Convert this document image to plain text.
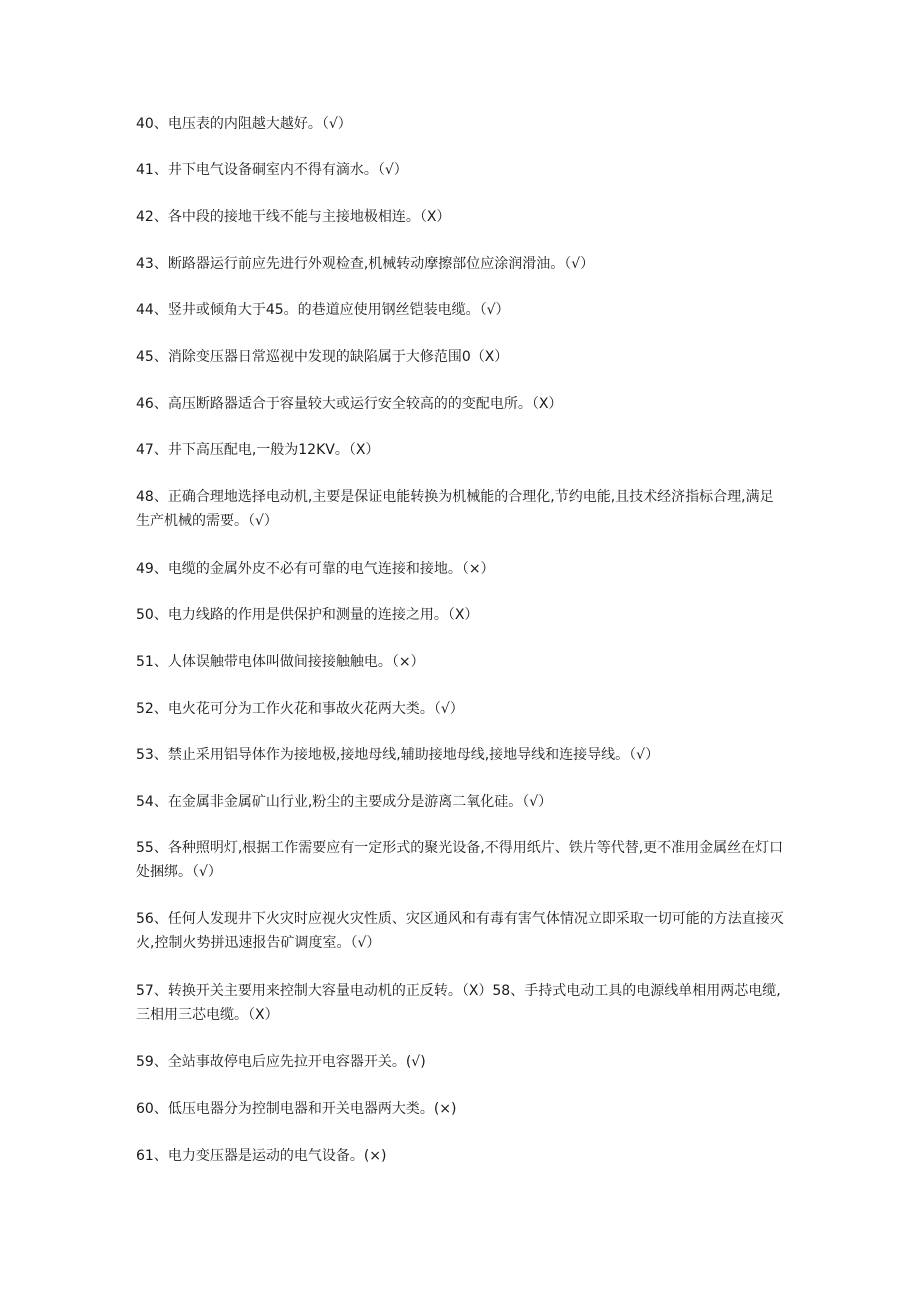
40、电压表的内阻越大越好。（√）

41、井下电气设备硐室内不得有滴水。（√）

42、各中段的接地干线不能与主接地极相连。（X）

43、断路器运行前应先进行外观检查,机械转动摩擦部位应涂润滑油。（√）

44、竖井或倾角大于45。的巷道应使用钢丝铠装电缆。（√）

45、消除变压器日常巡视中发现的缺陷属于大修范围0（X）

46、高压断路器适合于容量较大或运行安全较高的的变配电所。（X）

47、井下高压配电,一般为12KV。（X）

48、正确合理地选择电动机,主要是保证电能转换为机械能的合理化,节约电能,且技术经济指标合理,满足生产机械的需要。（√）

49、电缆的金属外皮不必有可靠的电气连接和接地。（×）

50、电力线路的作用是供保护和测量的连接之用。（X）

51、人体误触带电体叫做间接接触触电。（×）

52、电火花可分为工作火花和事故火花两大类。（√）

53、禁止采用铝导体作为接地极,接地母线,辅助接地母线,接地导线和连接导线。（√）

54、在金属非金属矿山行业,粉尘的主要成分是游离二氧化硅。（√）

55、各种照明灯,根据工作需要应有一定形式的聚光设备,不得用纸片、铁片等代替,更不准用金属丝在灯口处捆绑。（√）

56、任何人发现井下火灾时应视火灾性质、灾区通风和有毒有害气体情况立即采取一切可能的方法直接灭火,控制火势拼迅速报告矿调度室。（√）

57、转换开关主要用来控制大容量电动机的正反转。（X）58、手持式电动工具的电源线单相用两芯电缆,三相用三芯电缆。（X）

59、全站事故停电后应先拉开电容器开关。(√)

60、低压电器分为控制电器和开关电器两大类。(×)

61、电力变压器是运动的电气设备。(×)
